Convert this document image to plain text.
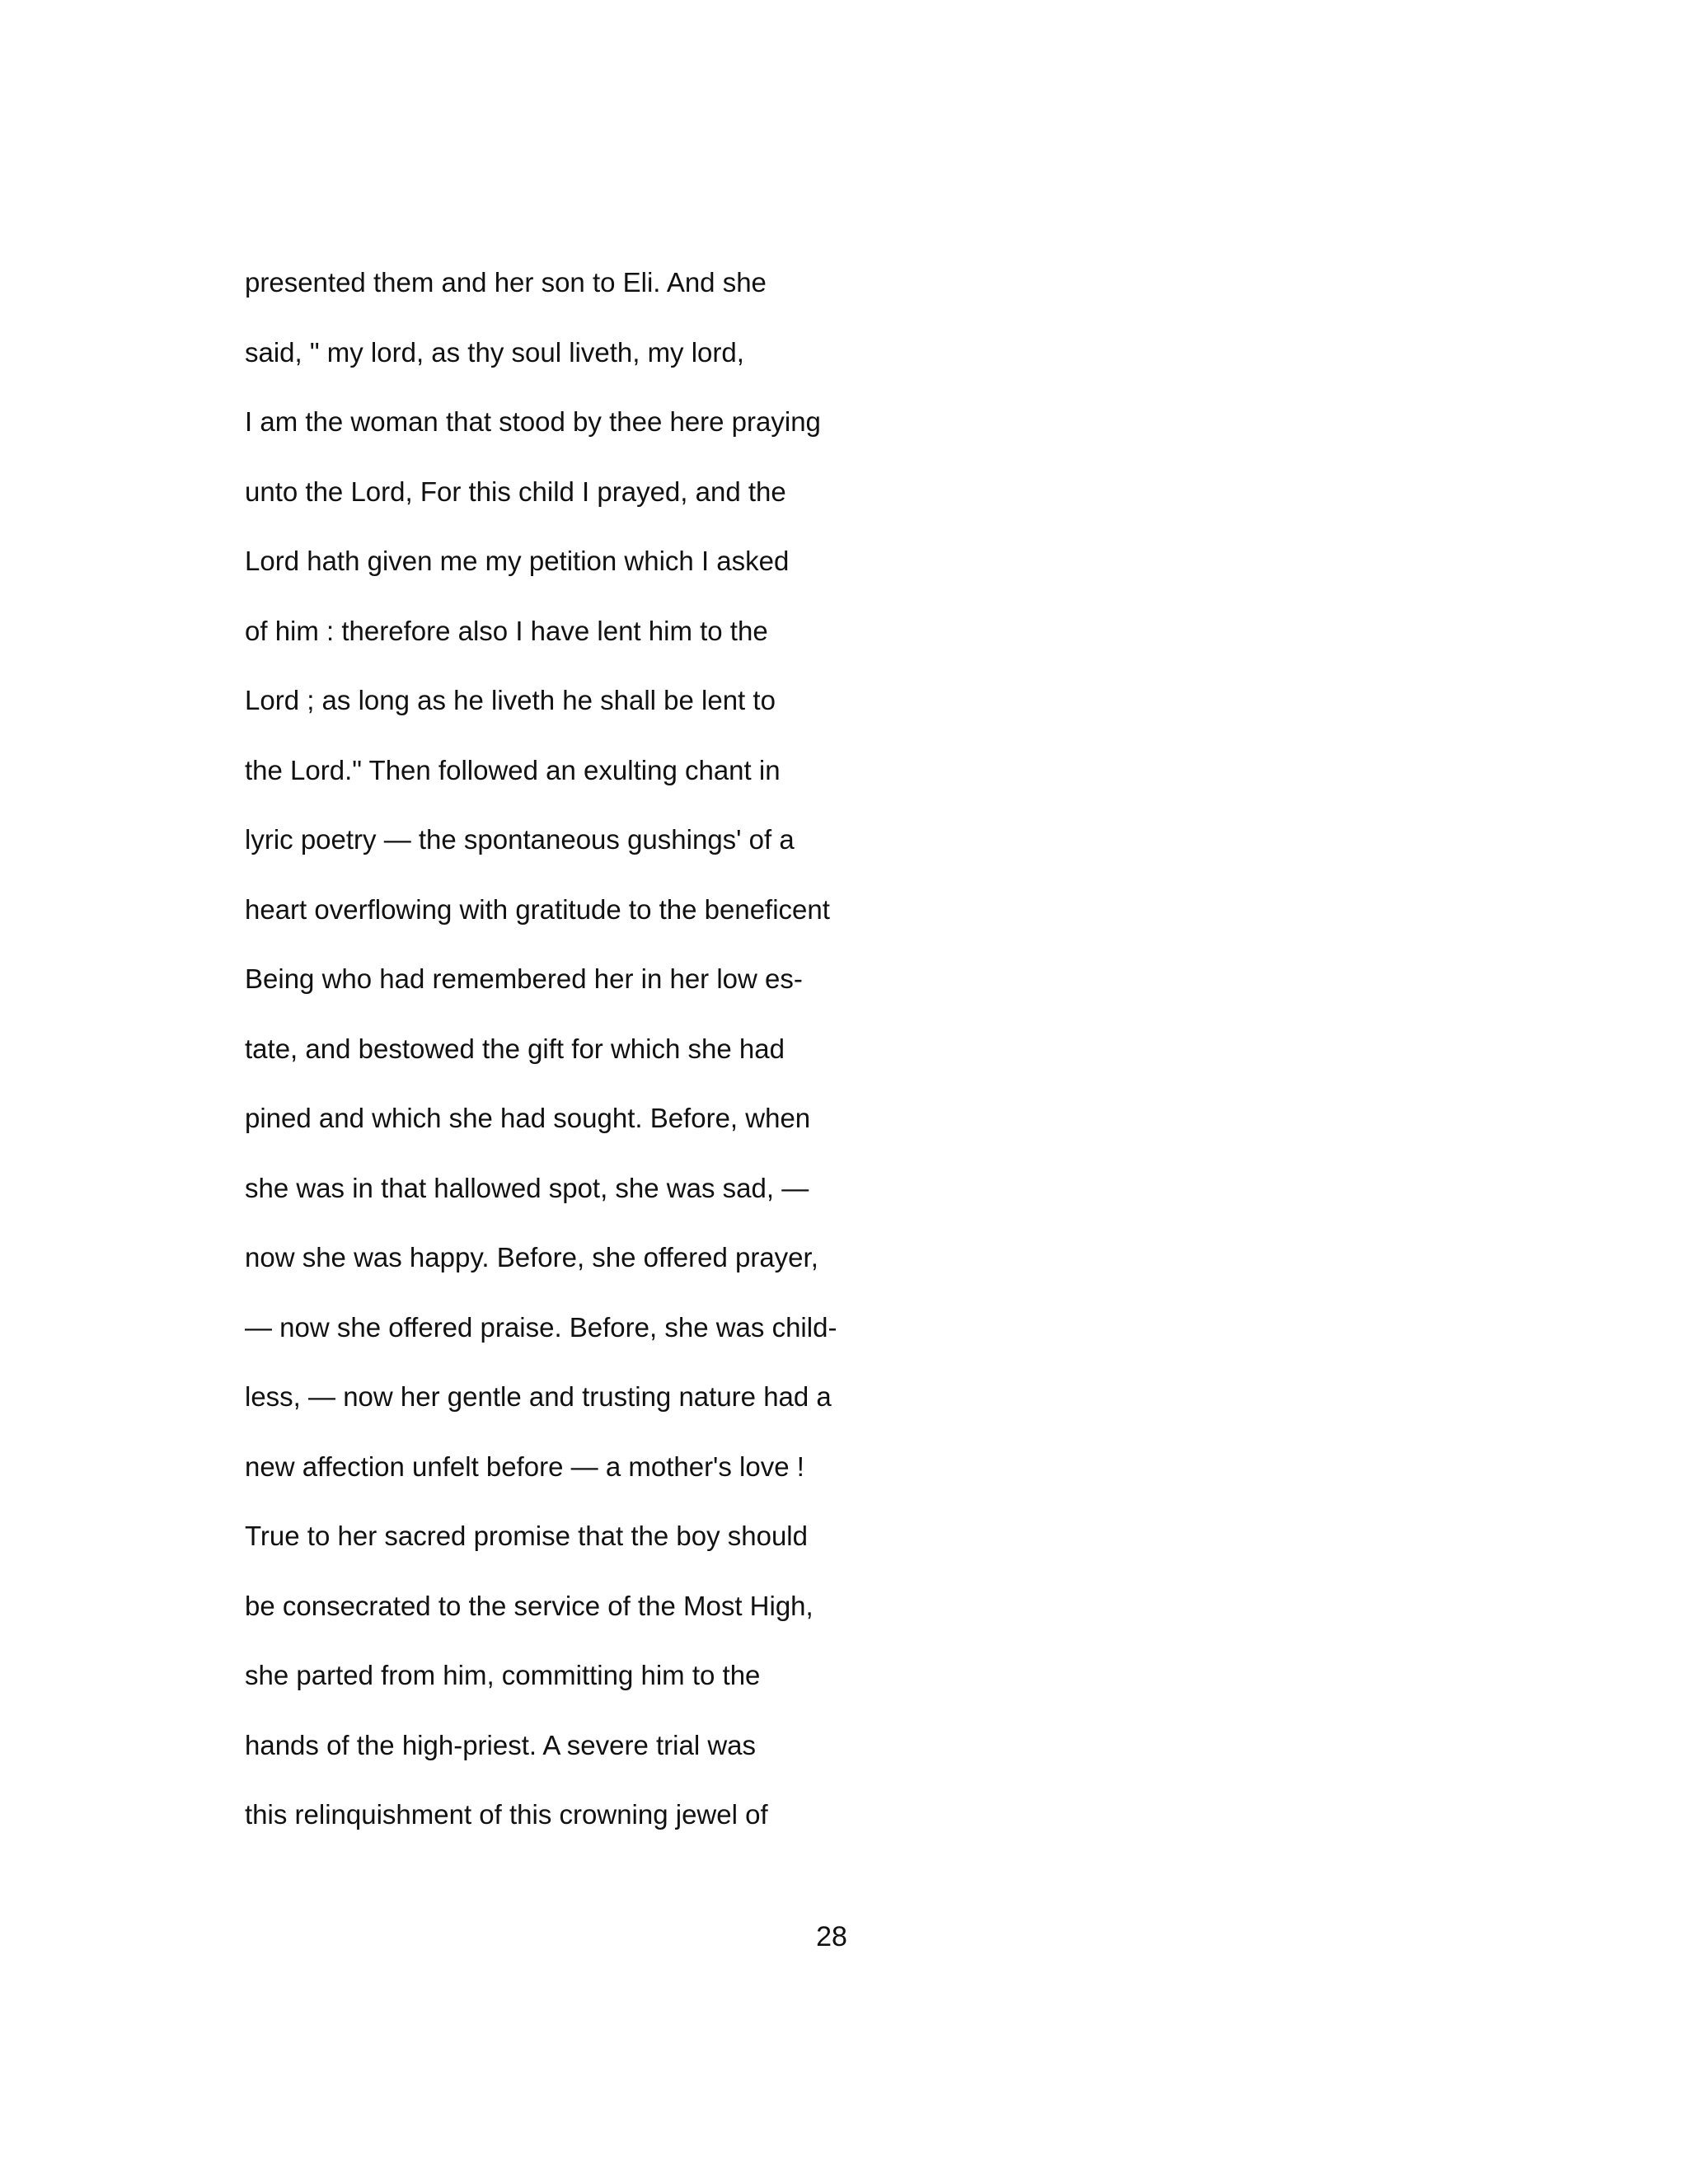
presented them and her son to Eli. And she
said, " my lord, as thy soul liveth, my lord,
I am the woman that stood by thee here praying
unto the Lord, For this child I prayed, and the
Lord hath given me my petition which I asked
of him : therefore also I have lent him to the
Lord ; as long as he liveth he shall be lent to
the Lord." Then followed an exulting chant in
lyric poetry — the spontaneous gushings' of a
heart overflowing with gratitude to the beneficent
Being who had remembered her in her low es-
tate, and bestowed the gift for which she had
pined and which she had sought. Before, when
she was in that hallowed spot, she was sad, —
now she was happy. Before, she offered prayer,
— now she offered praise. Before, she was child-
less, — now her gentle and trusting nature had a
new affection unfelt before — a mother's love !
True to her sacred promise that the boy should
be consecrated to the service of the Most High,
she parted from him, committing him to the
hands of the high-priest. A severe trial was
this relinquishment of this crowning jewel of
28
